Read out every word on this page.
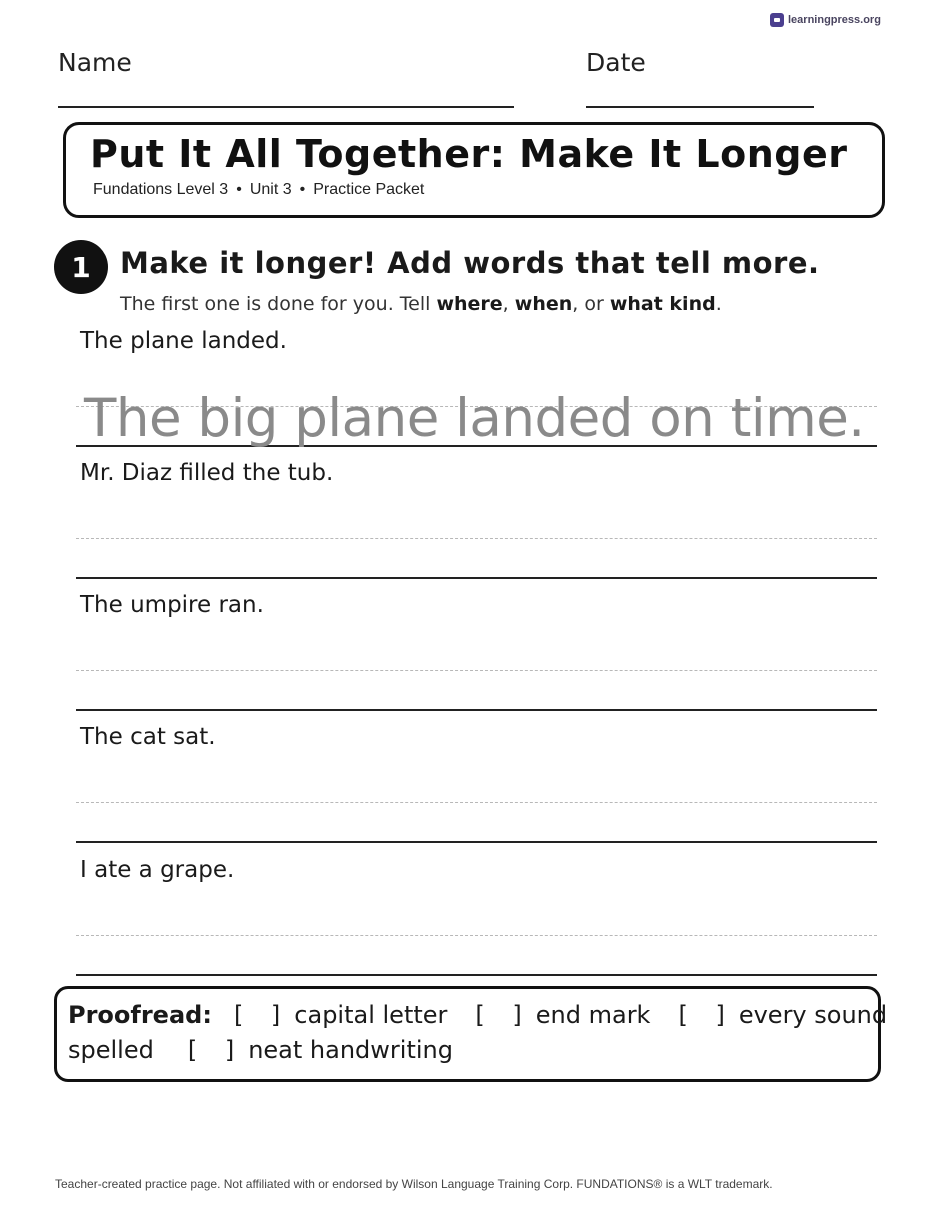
learningpress.org
Name	Date
Put It All Together: Make It Longer
Fundations Level 3 • Unit 3 • Practice Packet
1	Make it longer! Add words that tell more.
The first one is done for you. Tell where, when, or what kind.
The plane landed.
The big plane landed on time.
Mr. Diaz filled the tub.
The umpire ran.
The cat sat.
I ate a grape.
Proofread: [ ] capital letter [ ] end mark [ ] every sound
spelled [ ] neat handwriting
Teacher-created practice page. Not affiliated with or endorsed by Wilson Language Training Corp. FUNDATIONS® is a WLT trademark.
